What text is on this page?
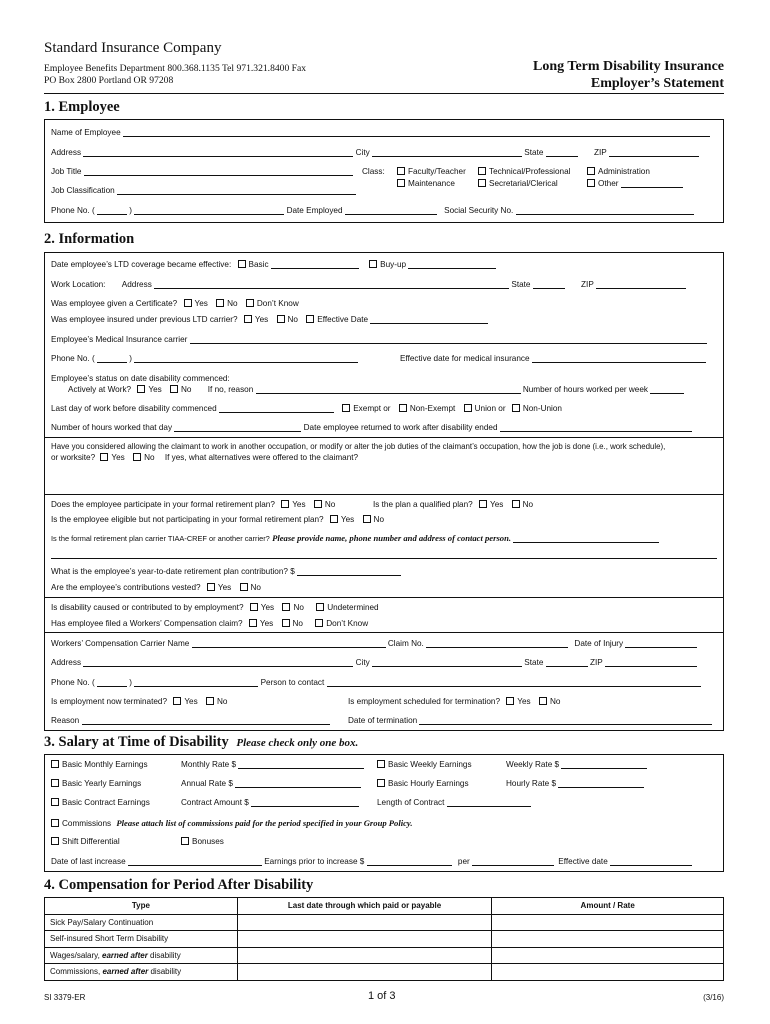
Standard Insurance Company
Employee Benefits Department 800.368.1135 Tel 971.321.8400 Fax
PO Box 2800 Portland OR 97208
Long Term Disability Insurance
Employer’s Statement
1. Employee
Name of Employee
Address	City	State	ZIP
Job Title	Class:	Faculty/Teacher	Technical/Professional	Administration
Maintenance	Secretarial/Clerical	Other
Job Classification
Phone No. (	)	Date Employed	Social Security No.
2. Information
Date employee’s LTD coverage became effective: Basic	Buy-up
Work Location: Address	State	ZIP
Was employee given a Certificate? Yes No Don’t Know
Was employee insured under previous LTD carrier? Yes No Effective Date
Employee’s Medical Insurance carrier
Phone No. (	)	Effective date for medical insurance
Employee’s status on date disability commenced:
Actively at Work? Yes No If no, reason	Number of hours worked per week
Last day of work before disability commenced	Exempt or Non-Exempt Union or Non-Union
Number of hours worked that day	Date employee returned to work after disability ended
Have you considered allowing the claimant to work in another occupation, or modify or alter the job duties of the claimant’s occupation, how the job is done (i.e., work schedule),
or worksite? Yes No If yes, what alternatives were offered to the claimant?
Does the employee participate in your formal retirement plan? Yes No	Is the plan a qualified plan? Yes No
Is the employee eligible but not participating in your formal retirement plan? Yes No
Is the formal retirement plan carrier TIAA-CREF or another carrier? Please provide name, phone number and address of contact person.
What is the employee’s year-to-date retirement plan contribution? $
Are the employee’s contributions vested? Yes No
Is disability caused or contributed to by employment? Yes No	Undetermined
Has employee filed a Workers’ Compensation claim? Yes No	Don’t Know
Workers’ Compensation Carrier Name	Claim No.	Date of Injury
Address	City	State	ZIP
Phone No. (	)	Person to contact
Is employment now terminated? Yes No	Is employment scheduled for termination? Yes No
Reason	Date of termination
3. Salary at Time of Disability Please check only one box.
Basic Monthly Earnings	Monthly Rate $	Basic Weekly Earnings	Weekly Rate $
Basic Yearly Earnings	Annual Rate $	Basic Hourly Earnings	Hourly Rate $
Basic Contract Earnings	Contract Amount $	Length of Contract
Commissions Please attach list of commissions paid for the period specified in your Group Policy.
Shift Differential	Bonuses
Date of last increase	Earnings prior to increase $	per	Effective date
4. Compensation for Period After Disability
Type	Last date through which paid or payable	Amount / Rate
Sick Pay/Salary Continuation		
Self-insured Short Term Disability		
Wages/salary, earned after disability		
Commissions, earned after disability		
SI 3379-ER	1 of 3	(3/16)
